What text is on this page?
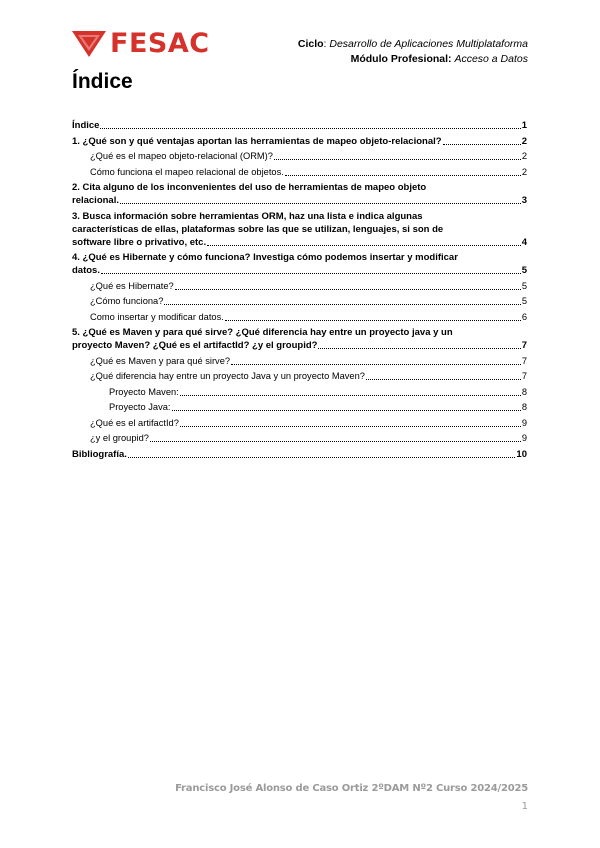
FESAC	Ciclo: Desarrollo de Aplicaciones Multiplataforma
Módulo Profesional: Acceso a Datos
Índice
Índice	1
1. ¿Qué son y qué ventajas aportan las herramientas de mapeo objeto-relacional?	2
¿Qué es el mapeo objeto-relacional (ORM)?	2
Cómo funciona el mapeo relacional de objetos.	2
2. Cita alguno de los inconvenientes del uso de herramientas de mapeo objeto
relacional.	3
3. Busca información sobre herramientas ORM, haz una lista e indica algunas
características de ellas, plataformas sobre las que se utilizan, lenguajes, si son de
software libre o privativo, etc.	4
4. ¿Qué es Hibernate y cómo funciona? Investiga cómo podemos insertar y modificar
datos.	5
¿Qué es Hibernate?	5
¿Cómo funciona?	5
Como insertar y modificar datos.	6
5. ¿Qué es Maven y para qué sirve? ¿Qué diferencia hay entre un proyecto java y un
proyecto Maven? ¿Qué es el artifactId? ¿y el groupid?	7
¿Qué es Maven y para qué sirve?	7
¿Qué diferencia hay entre un proyecto Java y un proyecto Maven?	7
Proyecto Maven:	8
Proyecto Java:	8
¿Qué es el artifactId?	9
¿y el groupid?	9
Bibliografía.	10
Francisco José Alonso de Caso Ortiz 2ºDAM Nº2 Curso 2024/2025
1
